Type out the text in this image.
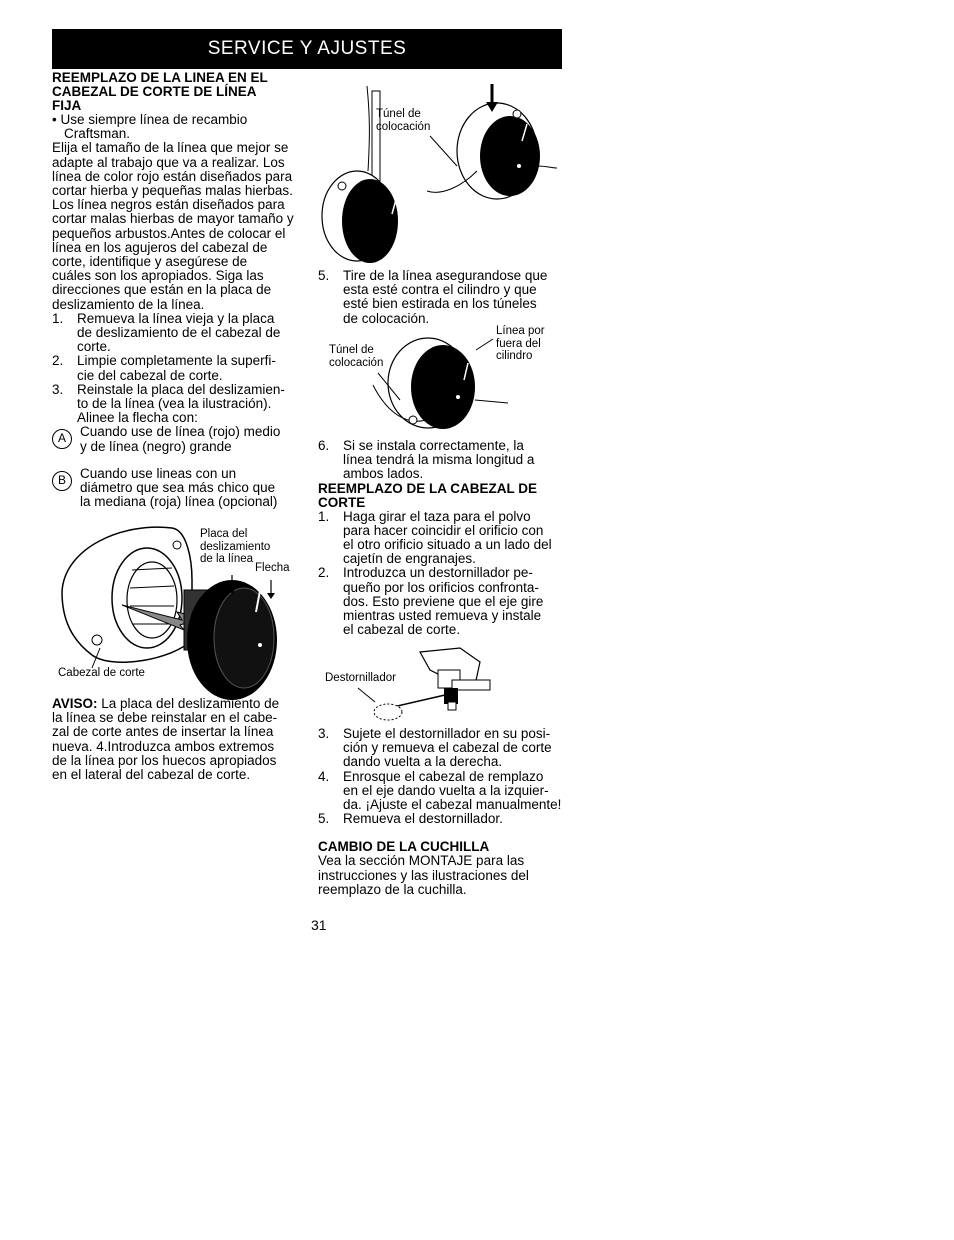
SERVICE Y AJUSTES
REEMPLAZO DE LA LINEA EN EL
CABEZAL DE CORTE DE LÍNEA
FIJA
• Use siempre línea de recambio
Craftsman.
Elija el tamaño de la línea que mejor se
adapte al trabajo que va a realizar. Los
línea de color rojo están diseñados para
cortar hierba y pequeñas malas hierbas.
Los línea negros están diseñados para
cortar malas hierbas de mayor tamaño y
pequeños arbustos.Antes de colocar el
línea en los agujeros del cabezal de
corte, identifique y asegúrese de
cuáles son los apropiados. Siga las
direcciones que están en la placa de
deslizamiento de la línea.
1. Remueva la línea vieja y la placa
de deslizamiento de el cabezal de
corte.
2. Limpie completamente la superfi-
cie del cabezal de corte.
3. Reinstale la placa del deslizamien-
to de la línea (vea la ilustración).
Alinee la flecha con:
A	Cuando use de línea (rojo) medio
y de línea (negro) grande
B	Cuando use lineas con un
diámetro que sea más chico que
la mediana (roja) línea (opcional)
Placa del
deslizamiento
de la línea
Flecha
Cabezal de corte
AVISO: La placa del deslizamiento de
la línea se debe reinstalar en el cabe-
zal de corte antes de insertar la línea
nueva. 4.Introduzca ambos extremos
de la línea por los huecos apropiados
en el lateral del cabezal de corte.
Túnel de
colocación
5. Tire de la línea asegurandose que
esta esté contra el cilindro y que
esté bien estirada en los túneles
de colocación.
Línea por
fuera del
cilindro
Túnel de
colocación
6. Si se instala correctamente, la
línea tendrá la misma longitud a
ambos lados.
REEMPLAZO DE LA CABEZAL DE
CORTE
1. Haga girar el taza para el polvo
para hacer coincidir el orificio con
el otro orificio situado a un lado del
cajetín de engranajes.
2. Introduzca un destornillador pe-
queño por los orificios confronta-
dos. Esto previene que el eje gire
mientras usted remueva y instale
el cabezal de corte.
Destornillador
3. Sujete el destornillador en su posi-
ción y remueva el cabezal de corte
dando vuelta a la derecha.
4. Enrosque el cabezal de remplazo
en el eje dando vuelta a la izquier-
da. ¡Ajuste el cabezal manualmente!
5. Remueva el destornillador.
CAMBIO DE LA CUCHILLA
Vea la sección MONTAJE para las
instrucciones y las ilustraciones del
reemplazo de la cuchilla.
31
